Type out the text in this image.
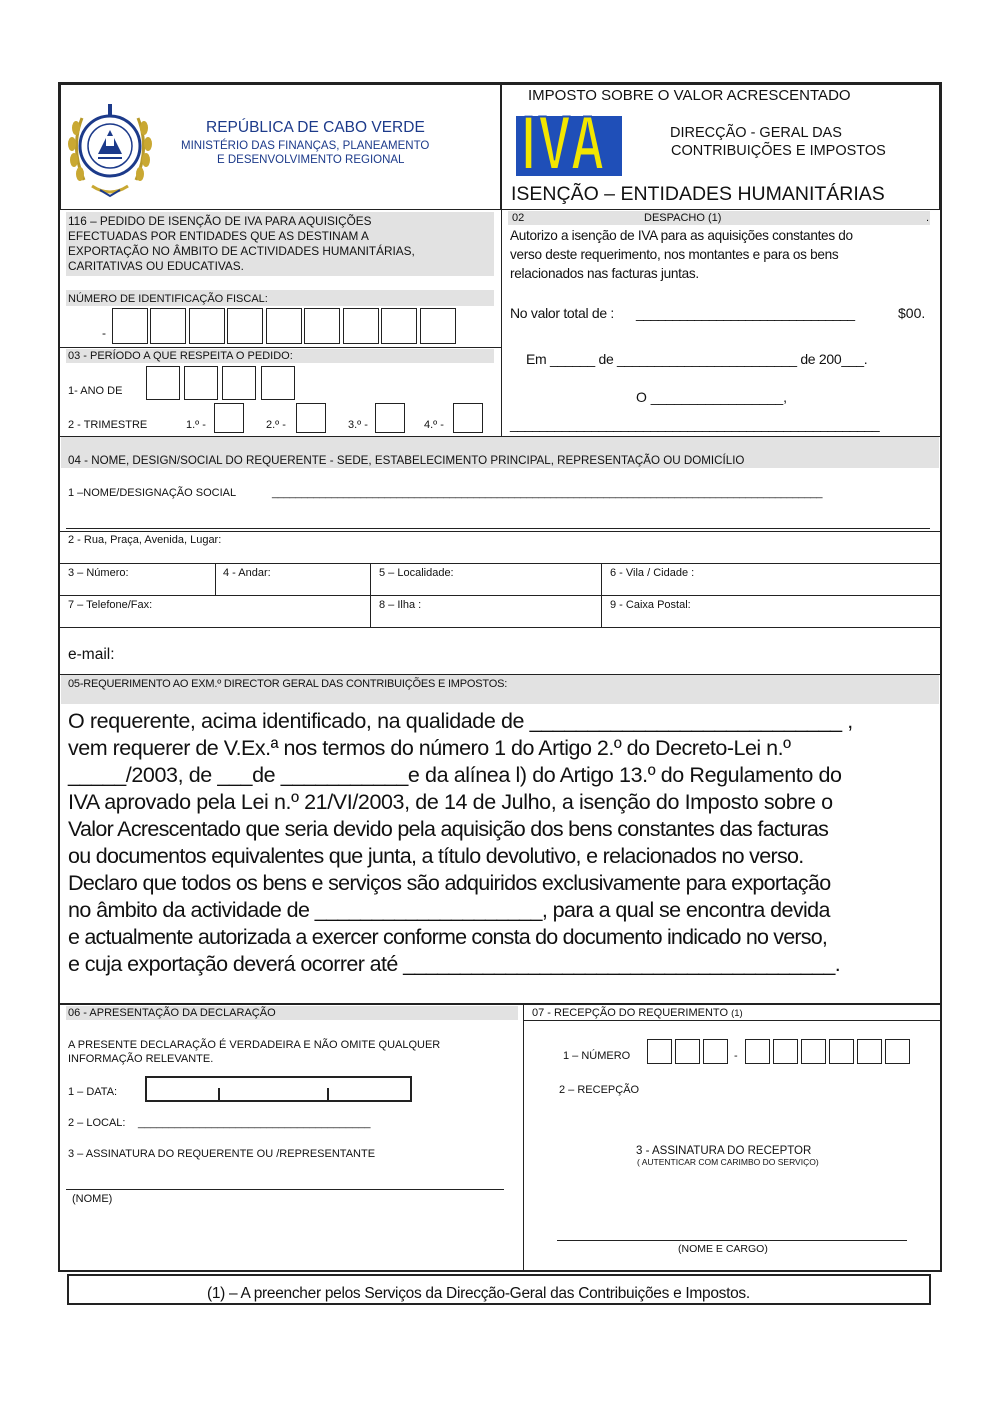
REPÚBLICA DE CABO VERDE
MINISTÉRIO DAS FINANÇAS, PLANEAMENTO
E DESENVOLVIMENTO REGIONAL
IMPOSTO SOBRE O VALOR ACRESCENTADO
IVA	DIRECÇÃO - GERAL DAS
CONTRIBUIÇÕES E IMPOSTOS
ISENÇÃO – ENTIDADES HUMANITÁRIAS
116 – PEDIDO DE ISENÇÃO DE IVA PARA AQUISIÇÕES
EFECTUADAS POR ENTIDADES QUE AS DESTINAM A
EXPORTAÇÃO NO ÂMBITO DE ACTIVIDADES HUMANITÁRIAS,
CARITATIVAS OU EDUCATIVAS.
NÚMERO DE IDENTIFICAÇÃO FISCAL:
-
03 - PERÍODO A QUE RESPEITA O PEDIDO:
1- ANO DE
2 - TRIMESTRE	1.º -	2.º -	3.º -	4.º -
02	DESPACHO (1)	.
Autorizo a isenção de IVA para as aquisições constantes do
verso deste requerimento, nos montantes e para os bens
relacionados nas facturas juntas.
No valor total de : ______________________________	$00.
Em ______ de ________________________ de 200___.
O _________________,
__________________________________________________
04 - NOME, DESIGN/SOCIAL DO REQUERENTE - SEDE, ESTABELECIMENTO PRINCIPAL, REPRESENTAÇÃO OU DOMICÍLIO
1 –NOME/DESIGNAÇÃO SOCIAL	_____________________________________________________________________________________________
2 - Rua, Praça, Avenida, Lugar:
3 – Número:	4 - Andar:	5 – Localidade:	6 - Vila / Cidade :
7 – Telefone/Fax:	8 – Ilha :	9 - Caixa Postal:
e-mail:
05-REQUERIMENTO AO EXM.º DIRECTOR GERAL DAS CONTRIBUIÇÕES E IMPOSTOS:
O requerente, acima identificado, na qualidade de ___________________________ ,
vem requerer de V.Ex.ª nos termos do número 1 do Artigo 2.º do Decreto-Lei n.º
_____/2003, de ___de ___________e da alínea l) do Artigo 13.º do Regulamento do
IVA aprovado pela Lei n.º 21/VI/2003, de 14 de Julho, a isenção do Imposto sobre o
Valor Acrescentado que seria devido pela aquisição dos bens constantes das facturas
ou documentos equivalentes que junta, a título devolutivo, e relacionados no verso.
Declaro que todos os bens e serviços são adquiridos exclusivamente para exportação
no âmbito da actividade de ____________________, para a qual se encontra devida
e actualmente autorizada a exercer conforme consta do documento indicado no verso,
e cuja exportação deverá ocorrer até ______________________________________.
06 - APRESENTAÇÃO DA DECLARAÇÃO
A PRESENTE DECLARAÇÃO É VERDADEIRA E NÃO OMITE QUALQUER
INFORMAÇÃO RELEVANTE.
1 – DATA:
2 – LOCAL: ______________________________________
3 – ASSINATURA DO REQUERENTE OU /REPRESENTANTE
(NOME)
07 - RECEPÇÃO DO REQUERIMENTO (1)
1 – NÚMERO	-
2 – RECEPÇÃO
3 - ASSINATURA DO RECEPTOR
( AUTENTICAR COM CARIMBO DO SERVIÇO)
(NOME E CARGO)
(1) – A preencher pelos Serviços da Direcção-Geral das Contribuições e Impostos.
